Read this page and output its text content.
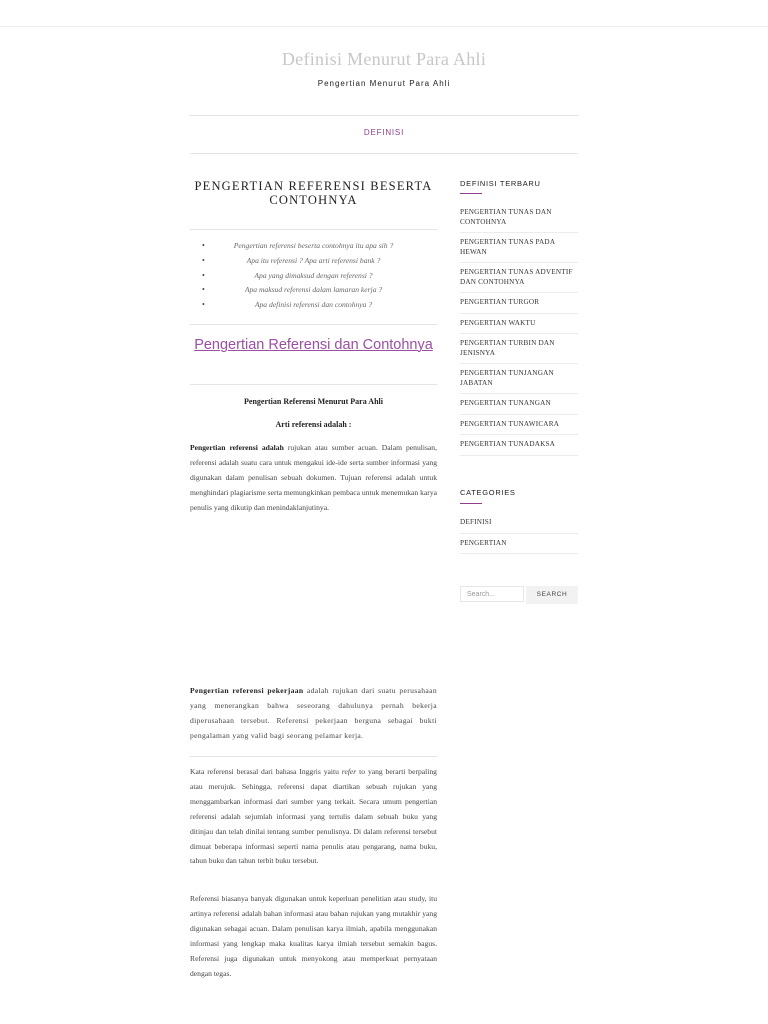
Definisi Menurut Para Ahli
Pengertian Menurut Para Ahli
DEFINISI
PENGERTIAN REFERENSI BESERTA CONTOHNYA
• Pengertian referensi beserta contohnya itu apa sih ?
• Apa itu referensi ? Apa arti referensi bank ?
• Apa yang dimaksud dengan referensi ?
• Apa maksud referensi dalam lamaran kerja ?
• Apa definisi referensi dan contohnya ?
Pengertian Referensi dan Contohnya
Pengertian Referensi Menurut Para Ahli
Arti referensi adalah :

Pengertian referensi adalah rujukan atau sumber acuan. Dalam penulisan, referensi adalah suatu cara untuk mengakui ide-ide serta sumber informasi yang digunakan dalam penulisan sebuah dokumen. Tujuan referensi adalah untuk menghindari plagiarisme serta memungkinkan pembaca untuk menemukan karya penulis yang dikutip dan menindaklanjutinya.

Pengertian referensi pekerjaan adalah rujukan dari suatu perusahaan yang menerangkan bahwa seseorang dahulunya pernah bekerja diperusahaan tersebut. Referensi pekerjaan berguna sebagai bukti pengalaman yang valid bagi seorang pelamar kerja.

Kata referensi berasal dari bahasa Inggris yaitu refer to yang berarti berpaling atau merujuk. Sehingga, referensi dapat diartikan sebuah rujukan yang menggambarkan informasi dari sumber yang terkait. Secara umum pengertian referensi adalah sejumlah informasi yang tertulis dalam sebuah buku yang ditinjau dan telah dinilai tentang sumber penulisnya. Di dalam referensi tersebut dimuat beberapa informasi seperti nama penulis atau pengarang, nama buku, tahun buku dan tahun terbit buku tersebut.

Referensi biasanya banyak digunakan untuk keperluan penelitian atau study, itu artinya referensi adalah bahan informasi atau bahan rujukan yang mutakhir yang digunakan sebagai acuan. Dalam penulisan karya ilmiah, apabila menggunakan informasi yang lengkap maka kualitas karya ilmiah tersebut semakin bagus. Referensi juga digunakan untuk menyokong atau memperkuat pernyataan dengan tegas.

DEFINISI TERBARU
PENGERTIAN TUNAS DAN CONTOHNYA
PENGERTIAN TUNAS PADA HEWAN
PENGERTIAN TUNAS ADVENTIF DAN CONTOHNYA
PENGERTIAN TURGOR
PENGERTIAN WAKTU
PENGERTIAN TURBIN DAN JENISNYA
PENGERTIAN TUNJANGAN JABATAN
PENGERTIAN TUNANGAN
PENGERTIAN TUNAWICARA
PENGERTIAN TUNADAKSA
CATEGORIES
DEFINISI
PENGERTIAN
Search...	SEARCH
